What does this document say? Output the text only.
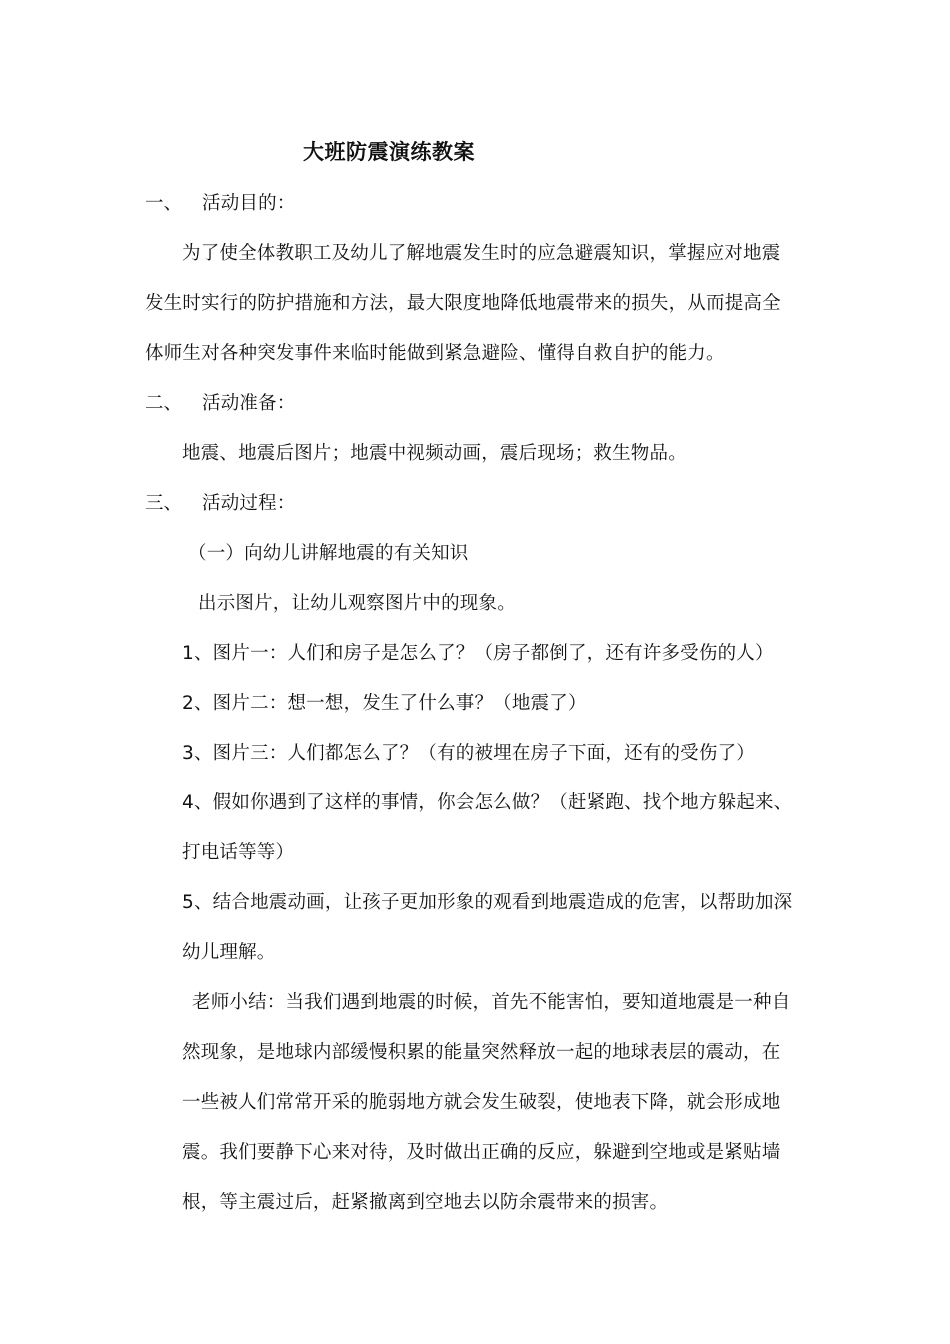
大班防震演练教案
一、 活动目的：
为了使全体教职工及幼儿了解地震发生时的应急避震知识，掌握应对地震
发生时实行的防护措施和方法，最大限度地降低地震带来的损失，从而提高全
体师生对各种突发事件来临时能做到紧急避险、懂得自救自护的能力。
二、 活动准备：
地震、地震后图片；地震中视频动画，震后现场；救生物品。
三、 活动过程：
（一）向幼儿讲解地震的有关知识
出示图片，让幼儿观察图片中的现象。
1、图片一：人们和房子是怎么了？（房子都倒了，还有许多受伤的人）
2、图片二：想一想，发生了什么事？（地震了）
3、图片三：人们都怎么了？（有的被埋在房子下面，还有的受伤了）
4、假如你遇到了这样的事情，你会怎么做？（赶紧跑、找个地方躲起来、
打电话等等）
5、结合地震动画，让孩子更加形象的观看到地震造成的危害，以帮助加深
幼儿理解。
老师小结：当我们遇到地震的时候，首先不能害怕，要知道地震是一种自
然现象，是地球内部缓慢积累的能量突然释放一起的地球表层的震动，在
一些被人们常常开采的脆弱地方就会发生破裂，使地表下降，就会形成地
震。我们要静下心来对待，及时做出正确的反应，躲避到空地或是紧贴墙
根，等主震过后，赶紧撤离到空地去以防余震带来的损害。
